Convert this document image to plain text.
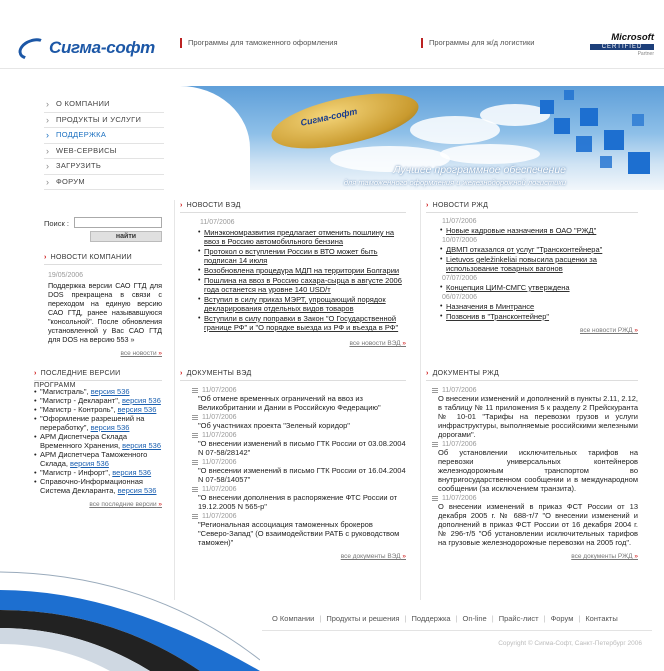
Сигма-софт	Программы для таможенного оформления	Программы для ж/д логистики	Microsoft
CERTIFIED
Partner
› О КОМПАНИИ
› ПРОДУКТЫ И УСЛУГИ
› ПОДДЕРЖКА
› WEB-СЕРВИСЫ
› ЗАГРУЗИТЬ
› ФОРУМ
Сигма-софт
Лучшее программное обеспечение
для таможенного оформления и железнодорожной логистики
Поиск :
найти
› НОВОСТИ КОМПАНИИ
19/05/2006
Поддержка версии САО ГТД для DOS прекращена в связи с переходом на единую версию САО ГТД, ранее называвшуюся "консольной". После обновления установленной у Вас САО ГТД для DOS на версию 553 »
все новости »
› НОВОСТИ ВЭД
11/07/2006
• Минэкономразвития предлагает отменить пошлину на ввоз в Россию автомобильного бензина
• Протокол о вступлении России в ВТО может быть подписан 14 июля
• Возобновлена процедура МДП на территории Болгарии
• Пошлина на ввоз в Россию сахара-сырца в августе 2006 года останется на уровне 140 USD/т
• Вступил в силу приказ МЭРТ, упрощающий порядок декларирования отдельных видов товаров
• Вступили в силу поправки в Закон "О Государственной границе РФ" и "О порядке выезда из РФ и въезда в РФ"
все новости ВЭД »
› НОВОСТИ РЖД
11/07/2006
• Новые кадровые назначения в ОАО "РЖД"
10/07/2006
• ДВМП отказался от услуг "Трансконтейнера"
• Lietuvos geležinkeliai повысила расценки за использование товарных вагонов
07/07/2006
• Концепция ЦИМ-СМГС утверждена
06/07/2006
• Назначения в Минтрансе
• Позвонив в "Трансконтейнер"
все новости РЖД »
› ПОСЛЕДНИЕ ВЕРСИИ ПРОГРАММ
• "Магистраль", версия 536
• "Магистр - Декларант", версия 536
• "Магистр - Контроль", версия 536
• "Оформление разрешений на переработку", версия 536
• АРМ Диспетчера Склада Временного Хранения, версия 536
• АРМ Диспетчера Таможенного Склада, версия 536
• "Магистр - Инфорт", версия 536
• Справочно-Информационная Система Декларанта, версия 536
все последние версии »
› ДОКУМЕНТЫ ВЭД
11/07/2006
"Об отмене временных ограничений на ввоз из Великобритании и Дании в Российскую Федерацию"
11/07/2006
"Об участниках проекта "Зеленый коридор"
11/07/2006
"О внесении изменений в письмо ГТК России от 03.08.2004 N 07-58/28142"
11/07/2006
"О внесении изменений в письмо ГТК России от 16.04.2004 N 07-58/14057"
11/07/2006
"О внесении дополнения в распоряжение ФТС России от 19.12.2005 N 565-р"
11/07/2006
"Региональная ассоциация таможенных брокеров "Северо-Запад" (О взаимодействии РАТБ с руководством таможен)"
все документы ВЭД »
› ДОКУМЕНТЫ РЖД
11/07/2006
О внесении изменений и дополнений в пункты 2.11, 2.12, в таблицу № 11 приложения 5 к разделу 2 Прейскуранта № 10-01 "Тарифы на перевозки грузов и услуги инфраструктуры, выполняемые российскими железными дорогами".
11/07/2006
Об установлении исключительных тарифов на перевозки универсальных контейнеров железнодорожным транспортом во внутригосударственном сообщении и в международном сообщении (за исключением транзита).
11/07/2006
О внесении изменений в приказ ФСТ России от 13 декабря 2005 г. № 688-т/7 "О внесении изменений и дополнений в приказ ФСТ России от 16 декабря 2004 г. № 296-т/5 "Об установлении исключительных тарифов на грузовые железнодорожные перевозки на 2005 год".
все документы РЖД »
О Компании | Продукты и решения | Поддержка | On-line | Прайс-лист | Форум | Контакты
Copyright © Сигма-Софт, Санкт-Петербург 2006
